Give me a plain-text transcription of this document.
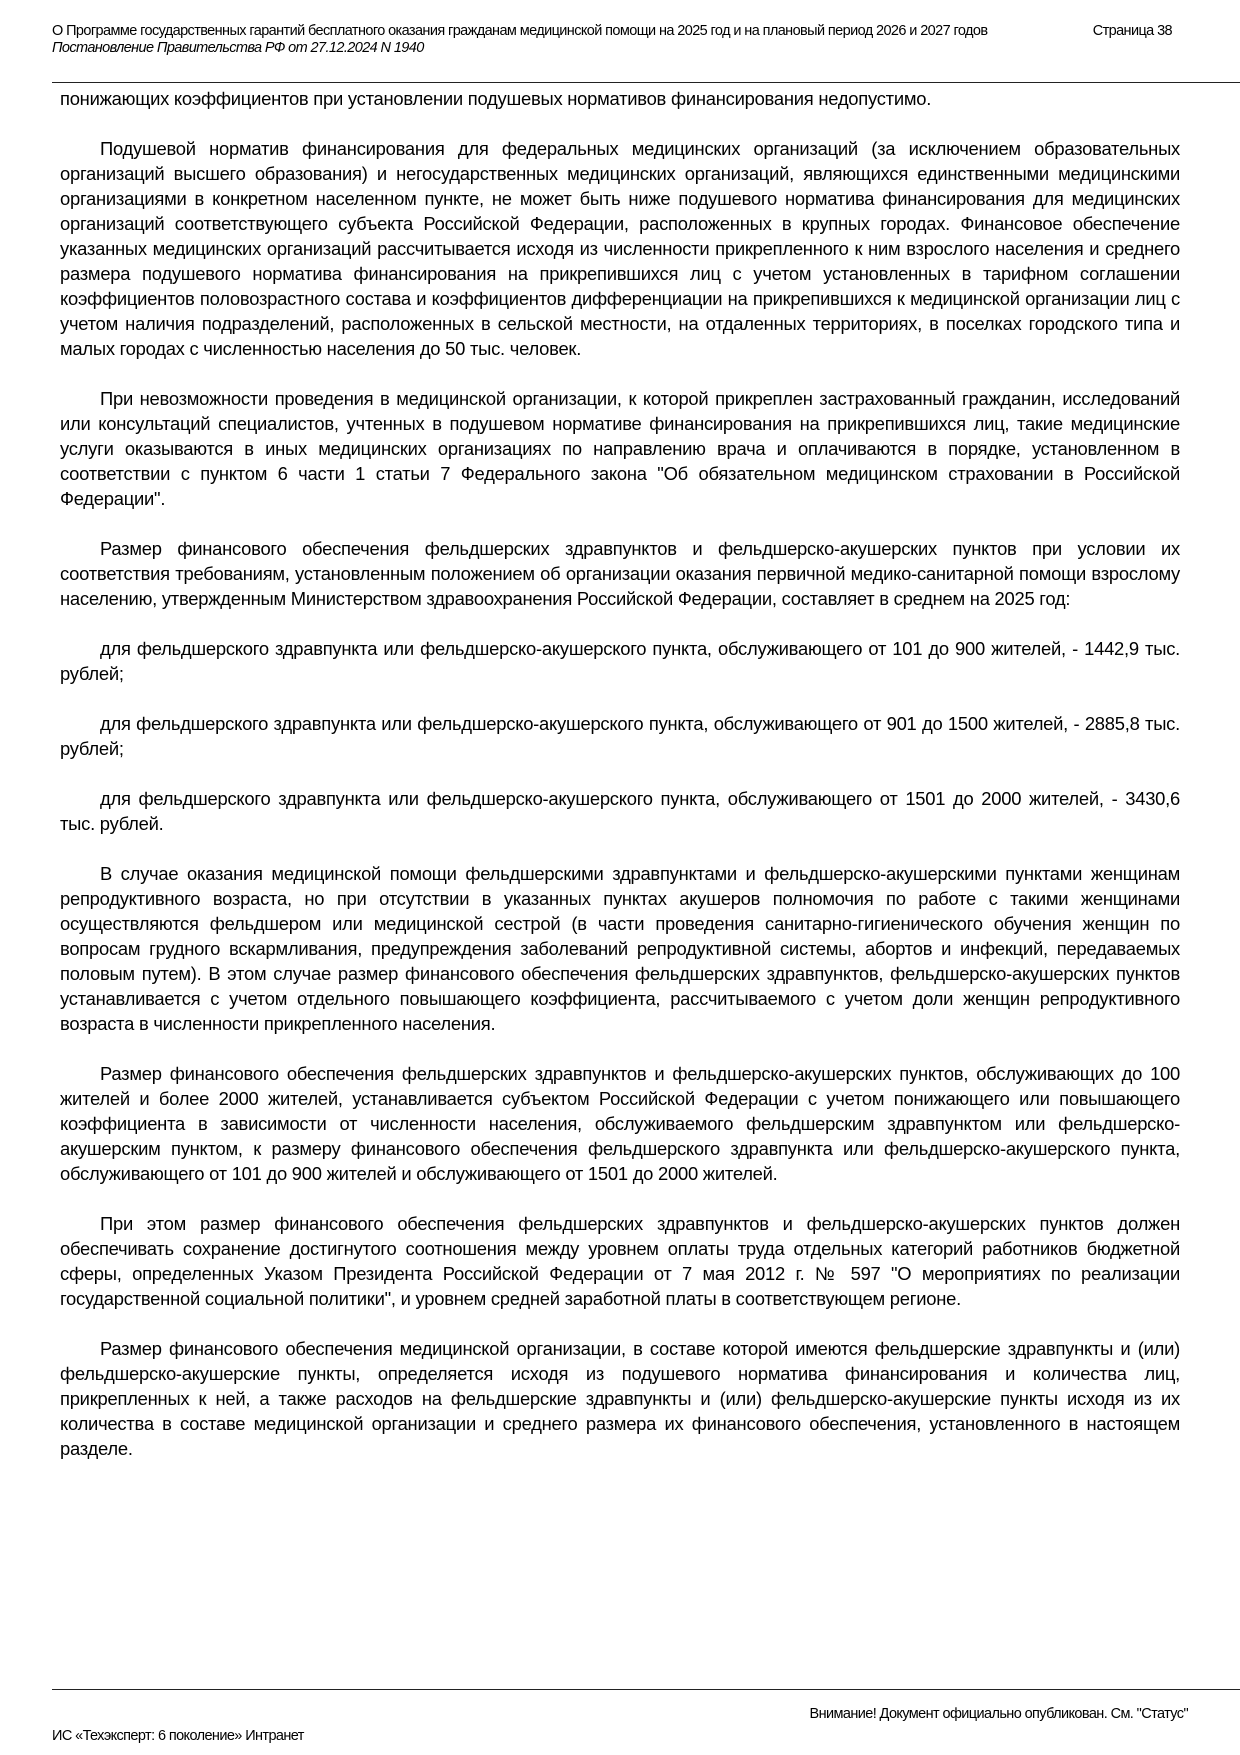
О Программе государственных гарантий бесплатного оказания гражданам медицинской помощи на 2025 год и на плановый период 2026 и 2027 годов	Страница 38
Постановление Правительства РФ от 27.12.2024 N 1940

понижающих коэффициентов при установлении подушевых нормативов финансирования недопустимо.

Подушевой норматив финансирования для федеральных медицинских организаций (за исключением образовательных организаций высшего образования) и негосударственных медицинских организаций, являющихся единственными медицинскими организациями в конкретном населенном пункте, не может быть ниже подушевого норматива финансирования для медицинских организаций соответствующего субъекта Российской Федерации, расположенных в крупных городах. Финансовое обеспечение указанных медицинских организаций рассчитывается исходя из численности прикрепленного к ним взрослого населения и среднего размера подушевого норматива финансирования на прикрепившихся лиц с учетом установленных в тарифном соглашении коэффициентов половозрастного состава и коэффициентов дифференциации на прикрепившихся к медицинской организации лиц с учетом наличия подразделений, расположенных в сельской местности, на отдаленных территориях, в поселках городского типа и малых городах с численностью населения до 50 тыс. человек.

При невозможности проведения в медицинской организации, к которой прикреплен застрахованный гражданин, исследований или консультаций специалистов, учтенных в подушевом нормативе финансирования на прикрепившихся лиц, такие медицинские услуги оказываются в иных медицинских организациях по направлению врача и оплачиваются в порядке, установленном в соответствии с пунктом 6 части 1 статьи 7 Федерального закона "Об обязательном медицинском страховании в Российской Федерации".

Размер финансового обеспечения фельдшерских здравпунктов и фельдшерско-акушерских пунктов при условии их соответствия требованиям, установленным положением об организации оказания первичной медико-санитарной помощи взрослому населению, утвержденным Министерством здравоохранения Российской Федерации, составляет в среднем на 2025 год:

для фельдшерского здравпункта или фельдшерско-акушерского пункта, обслуживающего от 101 до 900 жителей, - 1442,9 тыс. рублей;

для фельдшерского здравпункта или фельдшерско-акушерского пункта, обслуживающего от 901 до 1500 жителей, - 2885,8 тыс. рублей;

для фельдшерского здравпункта или фельдшерско-акушерского пункта, обслуживающего от 1501 до 2000 жителей, - 3430,6 тыс. рублей.

В случае оказания медицинской помощи фельдшерскими здравпунктами и фельдшерско-акушерскими пунктами женщинам репродуктивного возраста, но при отсутствии в указанных пунктах акушеров полномочия по работе с такими женщинами осуществляются фельдшером или медицинской сестрой (в части проведения санитарно-гигиенического обучения женщин по вопросам грудного вскармливания, предупреждения заболеваний репродуктивной системы, абортов и инфекций, передаваемых половым путем). В этом случае размер финансового обеспечения фельдшерских здравпунктов, фельдшерско-акушерских пунктов устанавливается с учетом отдельного повышающего коэффициента, рассчитываемого с учетом доли женщин репродуктивного возраста в численности прикрепленного населения.

Размер финансового обеспечения фельдшерских здравпунктов и фельдшерско-акушерских пунктов, обслуживающих до 100 жителей и более 2000 жителей, устанавливается субъектом Российской Федерации с учетом понижающего или повышающего коэффициента в зависимости от численности населения, обслуживаемого фельдшерским здравпунктом или фельдшерско-акушерским пунктом, к размеру финансового обеспечения фельдшерского здравпункта или фельдшерско-акушерского пункта, обслуживающего от 101 до 900 жителей и обслуживающего от 1501 до 2000 жителей.

При этом размер финансового обеспечения фельдшерских здравпунктов и фельдшерско-акушерских пунктов должен обеспечивать сохранение достигнутого соотношения между уровнем оплаты труда отдельных категорий работников бюджетной сферы, определенных Указом Президента Российской Федерации от 7 мая 2012 г. № 597 "О мероприятиях по реализации государственной социальной политики", и уровнем средней заработной платы в соответствующем регионе.

Размер финансового обеспечения медицинской организации, в составе которой имеются фельдшерские здравпункты и (или) фельдшерско-акушерские пункты, определяется исходя из подушевого норматива финансирования и количества лиц, прикрепленных к ней, а также расходов на фельдшерские здравпункты и (или) фельдшерско-акушерские пункты исходя из их количества в составе медицинской организации и среднего размера их финансового обеспечения, установленного в настоящем разделе.

Внимание! Документ официально опубликован. См. "Статус"
ИС «Техэксперт: 6 поколение» Интранет
